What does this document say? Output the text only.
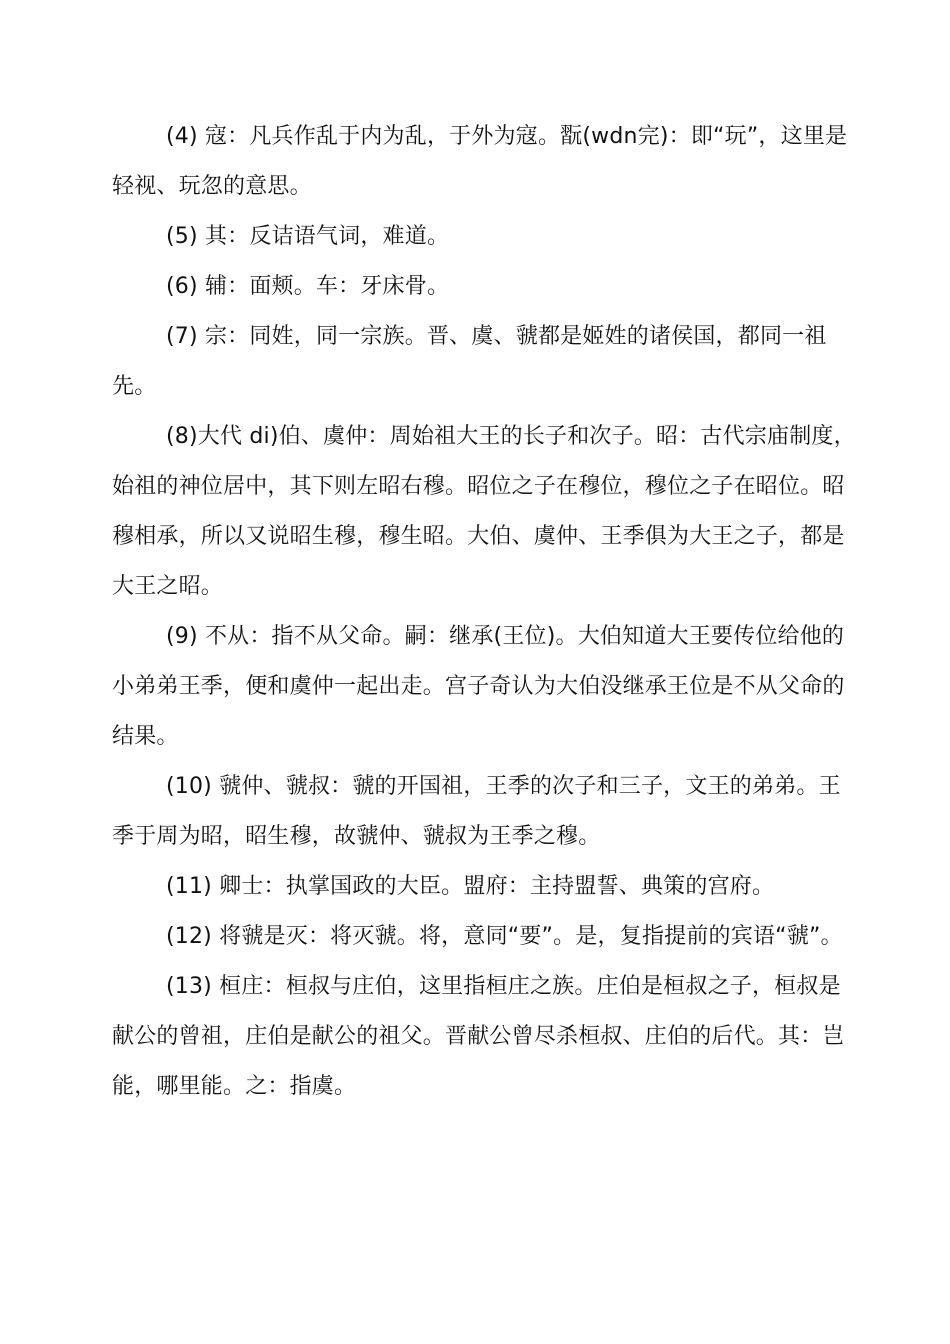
(4) 寇：凡兵作乱于内为乱，于外为寇。翫(wdn完)：即“玩”，这里是轻视、玩忽的意思。

(5) 其：反诘语气词，难道。

(6) 辅：面颊。车：牙床骨。

(7) 宗：同姓，同一宗族。晋、虞、虢都是姬姓的诸侯国，都同一祖先。

(8)大代 di)伯、虞仲：周始祖大王的长子和次子。昭：古代宗庙制度，始祖的神位居中，其下则左昭右穆。昭位之子在穆位，穆位之子在昭位。昭穆相承，所以又说昭生穆，穆生昭。大伯、虞仲、王季俱为大王之子，都是大王之昭。

(9) 不从：指不从父命。嗣：继承(王位)。大伯知道大王要传位给他的小弟弟王季，便和虞仲一起出走。宫子奇认为大伯没继承王位是不从父命的结果。

(10) 虢仲、虢叔：虢的开国祖，王季的次子和三子，文王的弟弟。王季于周为昭，昭生穆，故虢仲、虢叔为王季之穆。

(11) 卿士：执掌国政的大臣。盟府：主持盟誓、典策的宫府。

(12) 将虢是灭：将灭虢。将，意同“要”。是，复指提前的宾语“虢”。

(13) 桓庄：桓叔与庄伯，这里指桓庄之族。庄伯是桓叔之子，桓叔是献公的曾祖，庄伯是献公的祖父。晋献公曾尽杀桓叔、庄伯的后代。其：岂能，哪里能。之：指虞。
